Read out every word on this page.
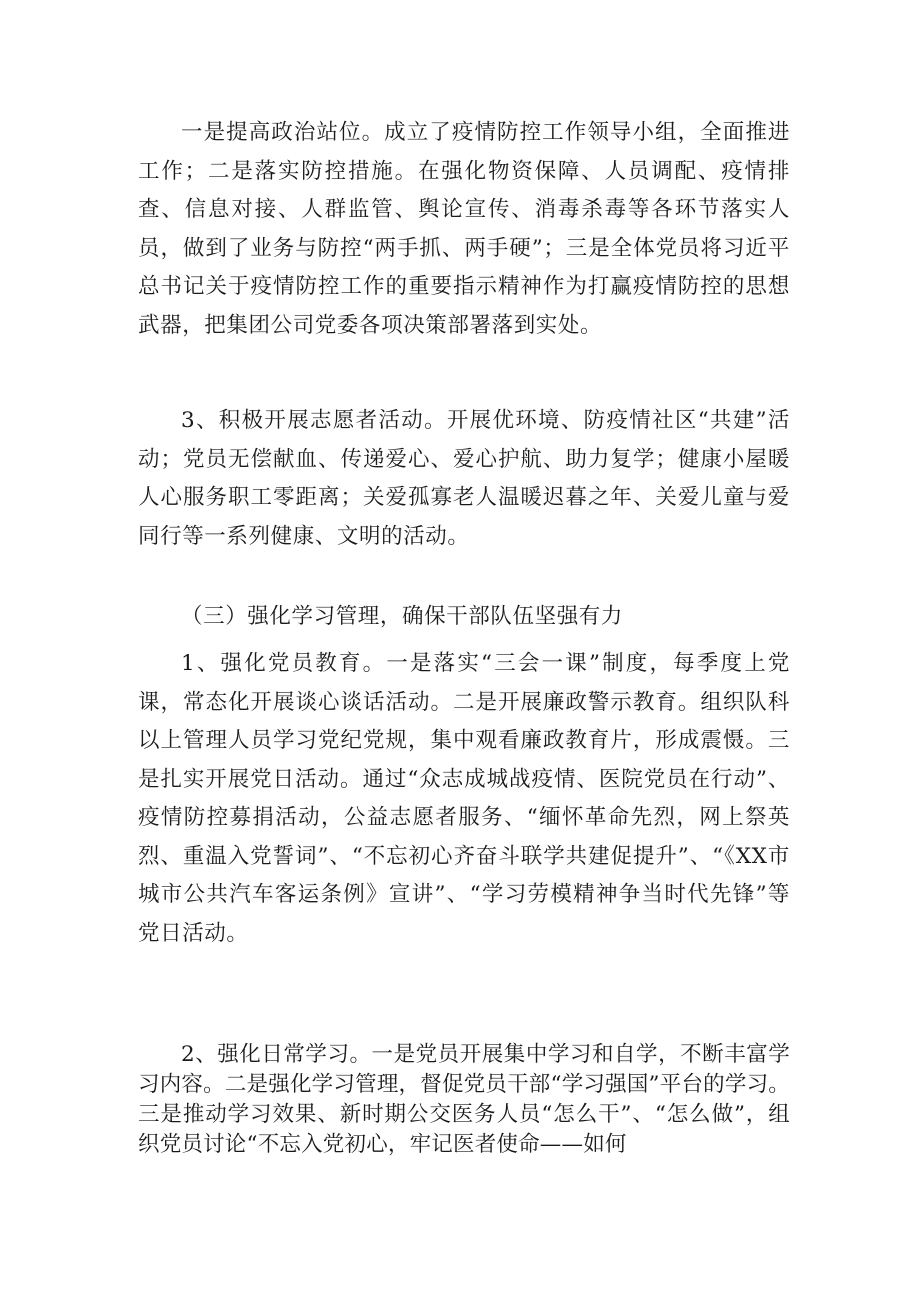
一是提高政治站位。成立了疫情防控工作领导小组，全面推进工作；二是落实防控措施。在强化物资保障、人员调配、疫情排查、信息对接、人群监管、舆论宣传、消毒杀毒等各环节落实人员，做到了业务与防控“两手抓、两手硬”；三是全体党员将习近平总书记关于疫情防控工作的重要指示精神作为打赢疫情防控的思想武器，把集团公司党委各项决策部署落到实处。

3、积极开展志愿者活动。开展优环境、防疫情社区“共建”活动；党员无偿献血、传递爱心、爱心护航、助力复学；健康小屋暖人心服务职工零距离；关爱孤寡老人温暖迟暮之年、关爱儿童与爱同行等一系列健康、文明的活动。

（三）强化学习管理，确保干部队伍坚强有力

1、强化党员教育。一是落实“三会一课”制度，每季度上党课，常态化开展谈心谈话活动。二是开展廉政警示教育。组织队科以上管理人员学习党纪党规，集中观看廉政教育片，形成震慑。三是扎实开展党日活动。通过“众志成城战疫情、医院党员在行动”、疫情防控募捐活动，公益志愿者服务、“缅怀革命先烈，网上祭英烈、重温入党誓词”、“不忘初心齐奋斗联学共建促提升”、“《XX市城市公共汽车客运条例》宣讲”、“学习劳模精神争当时代先锋”等党日活动。

2、强化日常学习。一是党员开展集中学习和自学，不断丰富学习内容。二是强化学习管理，督促党员干部“学习强国”平台的学习。三是推动学习效果、新时期公交医务人员“怎么干”、“怎么做”，组织党员讨论“不忘入党初心，牢记医者使命——如何
